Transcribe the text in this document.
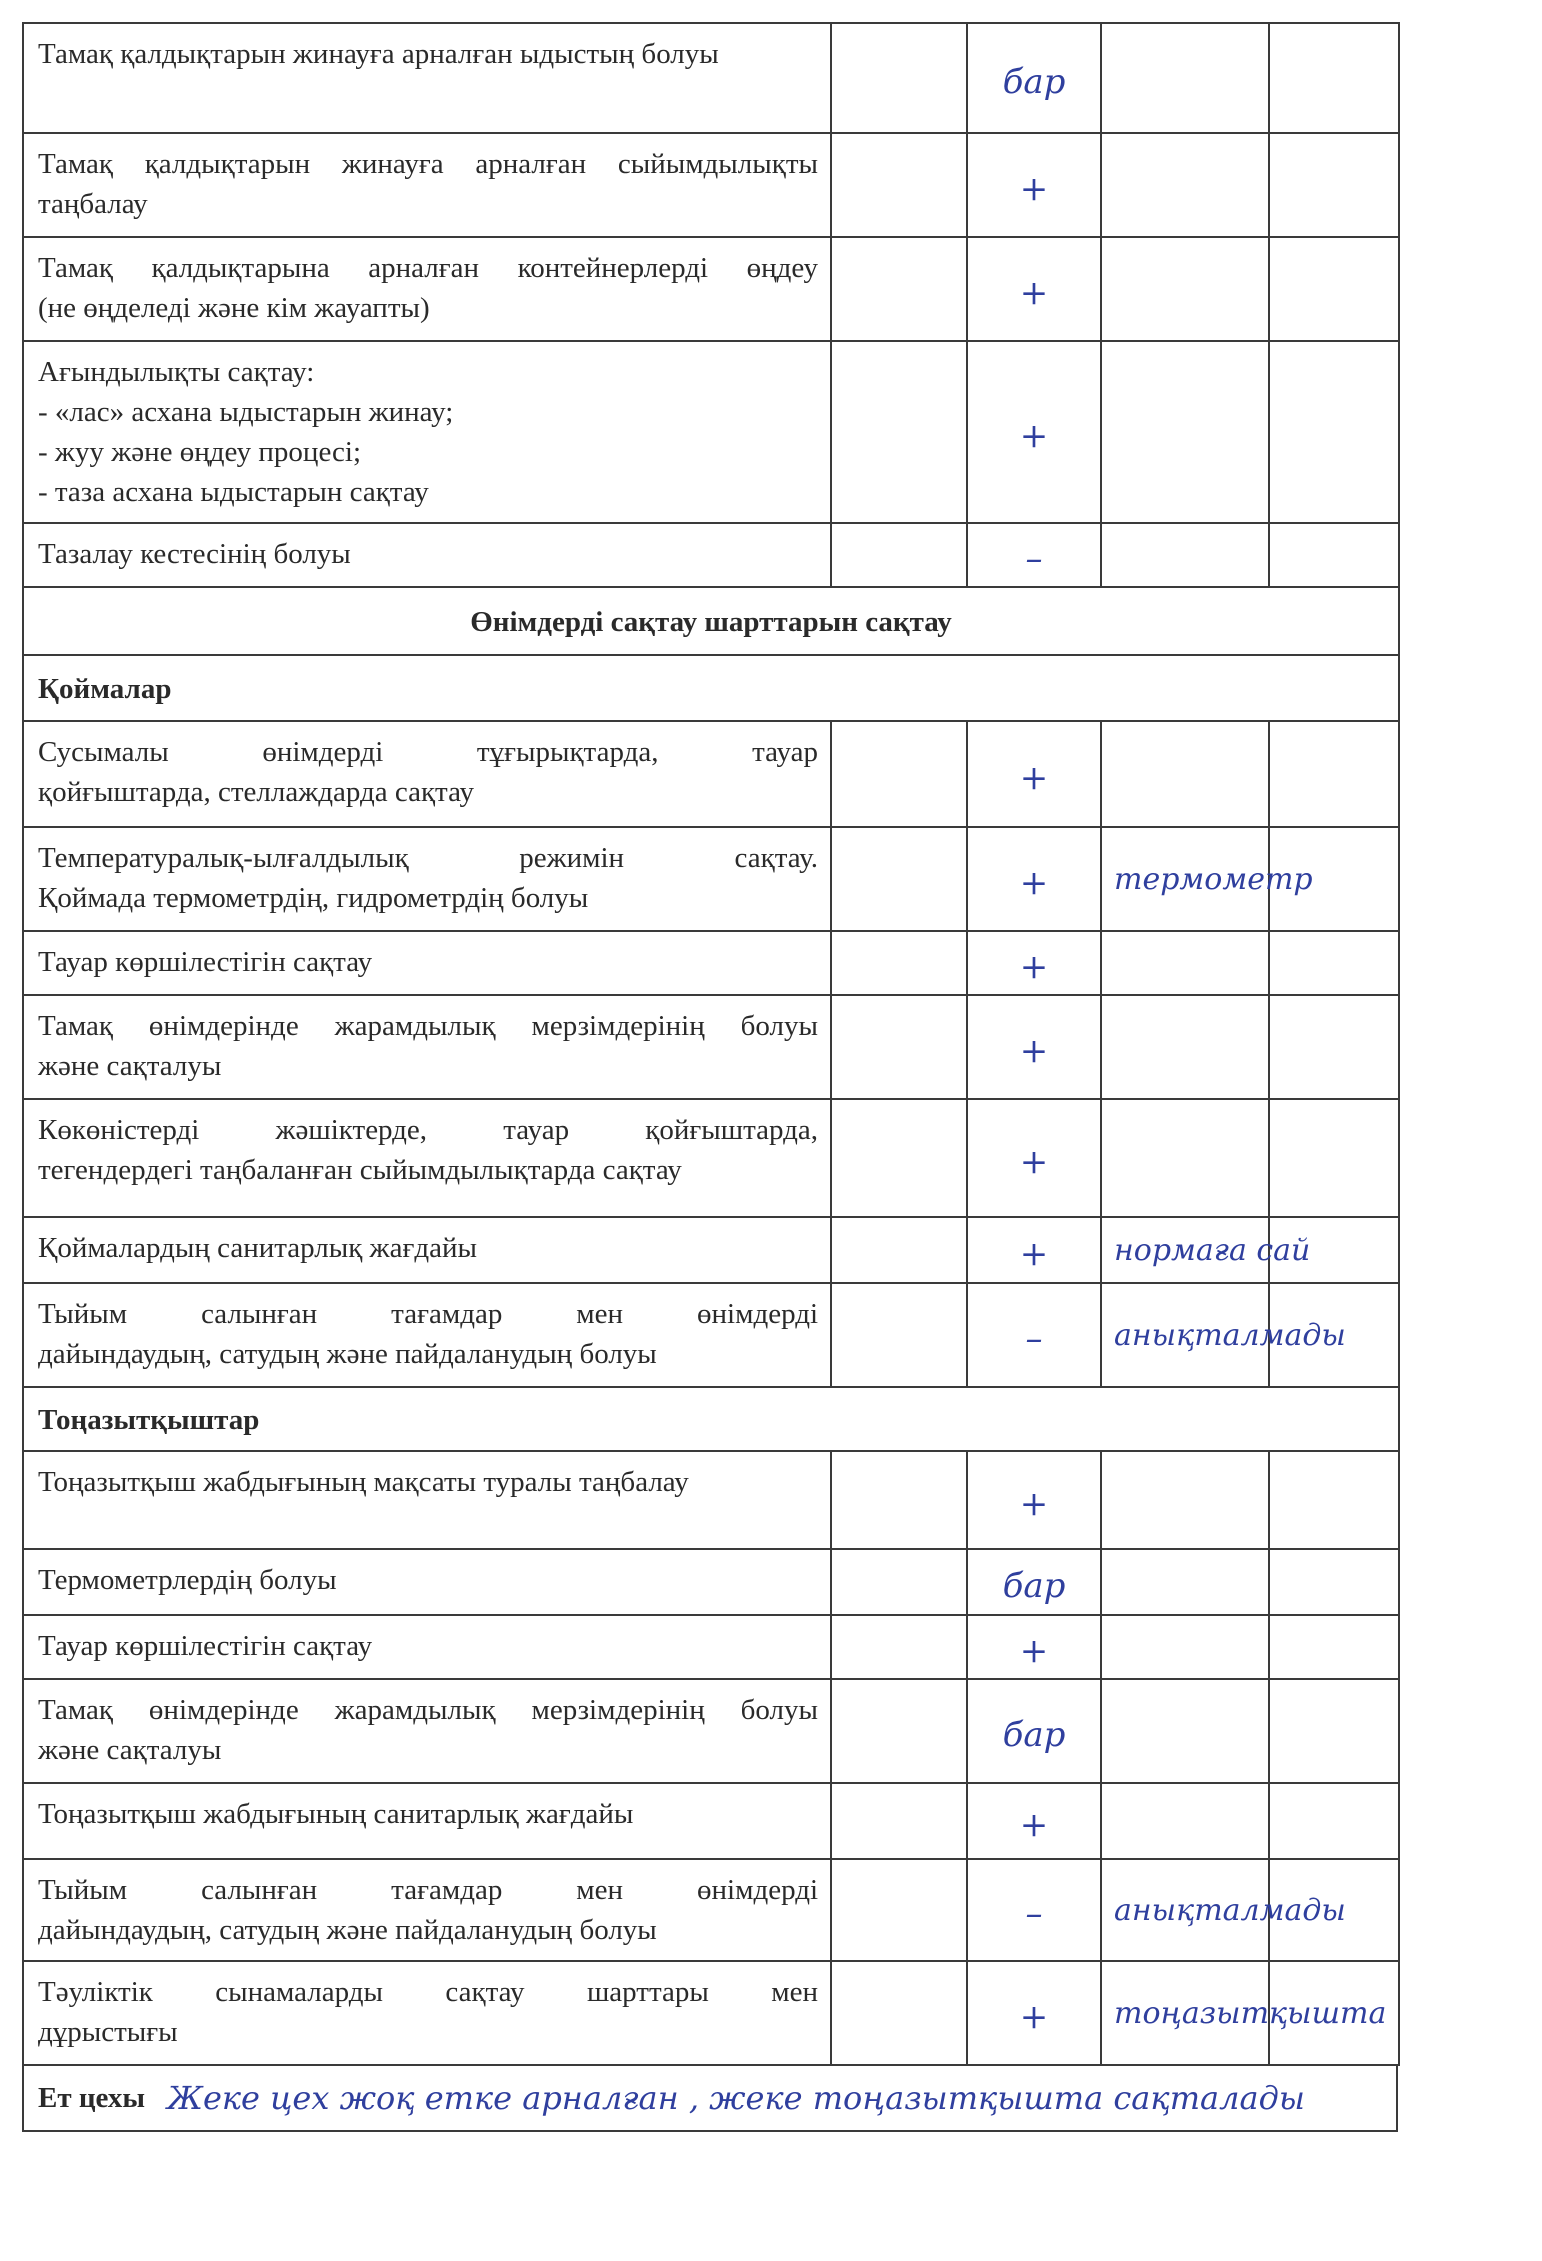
Тамақ қалдықтарын жинауға арналған ыдыстың болуы		бар		

Тамақ қалдықтарын жинауға арналған сыйымдылықты
таңбалау		+		

Тамақ қалдықтарына арналған контейнерлерді өңдеу
(не өңделеді және кім жауапты)		+		

Ағындылықты сақтау:
- «лас» асхана ыдыстарын жинау;
- жуу және өңдеу процесі;
- таза асхана ыдыстарын сақтау		+		

Тазалау кестесінің болуы		–		
Өнімдерді сақтау шарттарын сақтау				
Қоймалар				

Сусымалы өнімдерді тұғырықтарда, тауар
қойғыштарда, стеллаждарда сақтау		+		

Температуралық-ылғалдылық режимін сақтау.
Қоймада термометрдің, гидрометрдің болуы		+	термометр	

Тауар көршілестігін сақтау		+		

Тамақ өнімдерінде жарамдылық мерзімдерінің болуы
және сақталуы		+		

Көкөністерді жәшіктерде, тауар қойғыштарда,
тегендердегі таңбаланған сыйымдылықтарда сақтау		+		

Қоймалардың санитарлық жағдайы		+	нормаға сай	

Тыйым салынған тағамдар мен өнімдерді
дайындаудың, сатудың және пайдаланудың болуы		–	анықталмады	
Тоңазытқыштар				

Тоңазытқыш жабдығының мақсаты туралы таңбалау		+		

Термометрлердің болуы		бар		

Тауар көршілестігін сақтау		+		

Тамақ өнімдерінде жарамдылық мерзімдерінің болуы
және сақталуы		бар		

Тоңазытқыш жабдығының санитарлық жағдайы		+		

Тыйым салынған тағамдар мен өнімдерді
дайындаудың, сатудың және пайдаланудың болуы		–	анықталмады	

Тәуліктік сынамаларды сақтау шарттары мен
дұрыстығы		+	тоңазытқышта	
Ет цехы Жеке цех жоқ етке арналған , жеке тоңазытқышта сақталады
